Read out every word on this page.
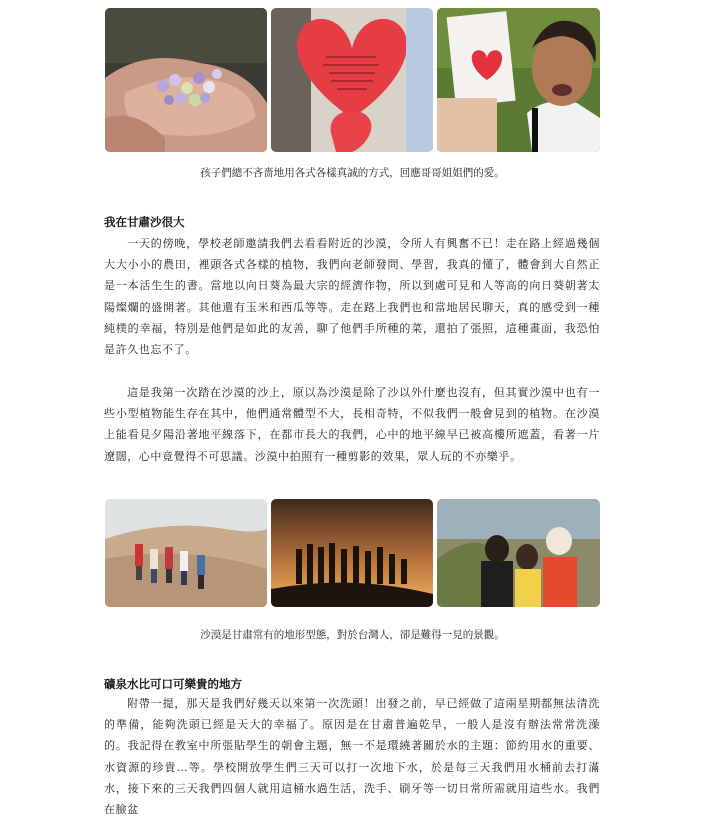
孩子們總不吝嗇地用各式各樣真誠的方式，回應哥哥姐姐們的愛。
我在甘肅沙很大

一天的傍晚，學校老師邀請我們去看看附近的沙漠，令所人有興奮不已！走在路上經過幾個大大小小的農田，裡頭各式各樣的植物，我們向老師發問、學習，我真的懂了，體會到大自然正是一本活生生的書。當地以向日葵為最大宗的經濟作物，所以到處可見和人等高的向日葵朝著太陽燦爛的盛開著。其他還有玉米和西瓜等等。走在路上我們也和當地居民聊天，真的感受到一種純樸的幸福，特別是他們是如此的友善，聊了他們手所種的菜，還拍了張照，這種畫面，我恐怕是許久也忘不了。

這是我第一次踏在沙漠的沙上，原以為沙漠是除了沙以外什麼也沒有，但其實沙漠中也有一些小型植物能生存在其中，他們通常體型不大，長相奇特，不似我們一般會見到的植物。在沙漠上能看見夕陽沿著地平線落下，在都市長大的我們，心中的地平線早已被高樓所遮蓋，看著一片遼闊，心中竟覺得不可思議。沙漠中拍照有一種剪影的效果，眾人玩的不亦樂乎。

沙漠是甘肅常有的地形型態，對於台灣人，卻是難得一見的景觀。
礦泉水比可口可樂貴的地方

附帶一提，那天是我們好幾天以來第一次洗頭！出發之前，早已經做了這兩星期都無法清洗的準備，能夠洗頭已經是天大的幸福了。原因是在甘肅普遍乾旱，一般人是沒有辦法常常洗澡的。我記得在教室中所張貼學生的朝會主題，無一不是環繞著關於水的主題：節約用水的重要、水資源的珍貴…等。學校開放學生們三天可以打一次地下水，於是每三天我們用水桶前去打滿水，接下來的三天我們四個人就用這桶水過生活，洗手、刷牙等一切日常所需就用這些水。我們在臉盆
